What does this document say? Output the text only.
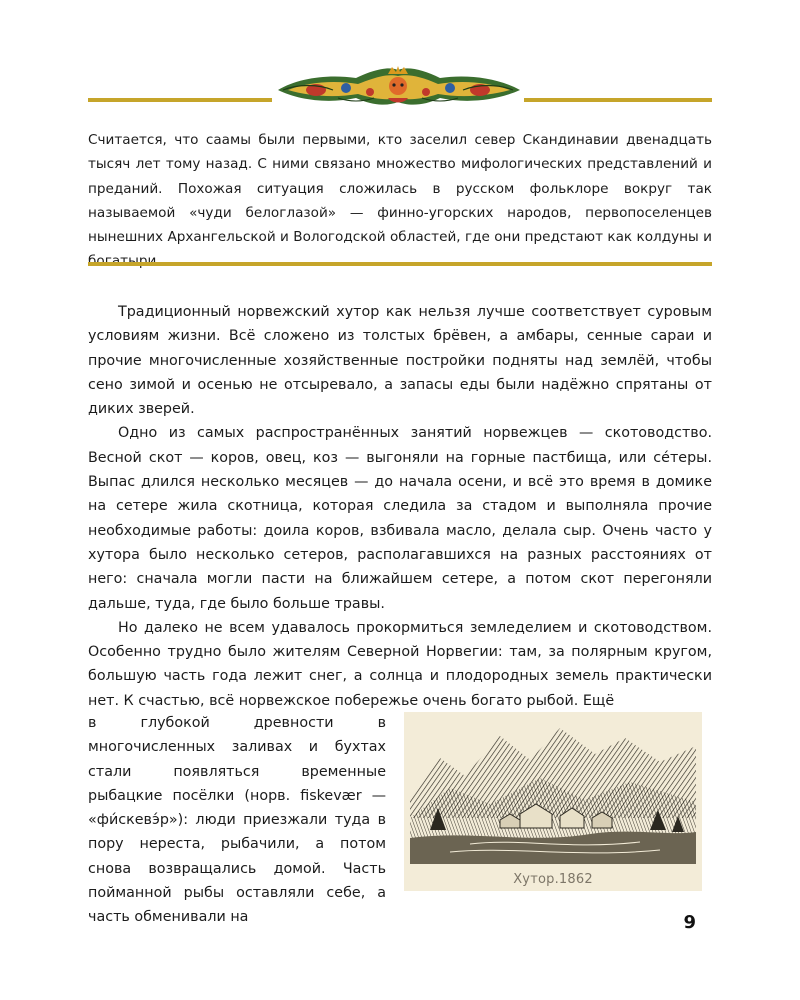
Считается, что саамы были первыми, кто заселил север Скандинавии двенадцать тысяч лет тому назад. С ними связано множество мифологических представлений и преданий. Похожая ситуация сложилась в русском фольклоре вокруг так называемой «чуди белоглазой» — финно-угорских народов, первопоселенцев нынешних Архангельской и Вологодской областей, где они предстают как колдуны и

Традиционный норвежский хутор как нельзя лучше соответствует суровым условиям жизни. Всё сложено из толстых брёвен, а амбары, сенные сараи и прочие многочисленные хозяйственные постройки подняты над землёй, чтобы сено зимой и осенью не отсыревало, а запасы еды были надёжно спрятаны от диких зверей.

Одно из самых распространённых занятий норвежцев — скотоводство. Весной скот — коров, овец, коз — выгоняли на горные пастбища, или се́теры. Выпас длился несколько месяцев — до начала осени, и всё это время в домике на сетере жила скотница, которая следила за стадом и выполняла прочие необходимые работы: доила коров, взбивала масло, делала сыр. Очень часто у хутора было несколько сетеров, располагавшихся на разных расстояниях от него: сначала могли пасти на ближайшем сетере, а потом скот перегоняли дальше, туда, где было больше травы.

Но далеко не всем удавалось прокормиться земледелием и скотоводством. Особенно трудно было жителям Северной Норвегии: там, за полярным кругом, большую часть года лежит снег, а солнца и плодородных земель практически нет. К счастью, всё норвежское побережье очень богато рыбой. Ещё

в глубокой древности в многочисленных заливах и бухтах стали появляться временные рыбацкие посёлки (норв. fiskevær — «фи́скевэ́р»): люди приезжали туда в пору нереста, рыбачили, а потом снова возвращались домой. Часть пойманной рыбы оставляли себе, а часть обменивали на

Хутор.1862
9
